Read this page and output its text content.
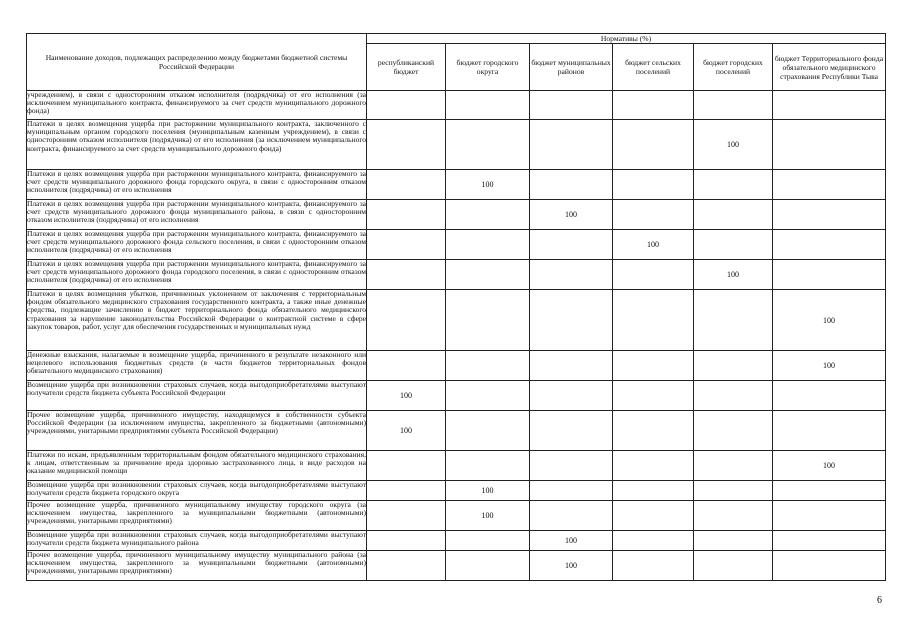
Наименование доходов, подлежащих распределению между бюджетами бюджетной системы Российской Федерации	Нормативы (%)					
	республиканский бюджет	бюджет городского округа	бюджет муниципальных районов	бюджет сельских поселений	бюджет городских поселений	бюджет Территориального фонда обязательного медицинского страхования Республики Тыва
учреждением), в связи с односторонним отказом исполнителя (подрядчика) от его исполнения (за исключением муниципального контракта, финансируемого за счет средств муниципального дорожного фонда)						
Платежи в целях возмещения ущерба при расторжении муниципального контракта, заключенного с муниципальным органом городского поселения (муниципальным казенным учреждением), в связи с односторонним отказом исполнителя (подрядчика) от его исполнения (за исключением муниципального контракта, финансируемого за счет средств муниципального дорожного фонда)					100	
Платежи в целях возмещения ущерба при расторжении муниципального контракта, финансируемого за счет средств муниципального дорожного фонда городского округа, в связи с односторонним отказом исполнителя (подрядчика) от его исполнения		100				
Платежи в целях возмещения ущерба при расторжении муниципального контракта, финансируемого за счет средств муниципального дорожного фонда муниципального района, в связи с односторонним отказом исполнителя (подрядчика) от его исполнения			100			
Платежи в целях возмещения ущерба при расторжении муниципального контракта, финансируемого за счет средств муниципального дорожного фонда сельского поселения, в связи с односторонним отказом исполнителя (подрядчика) от его исполнения				100		
Платежи в целях возмещения ущерба при расторжении муниципального контракта, финансируемого за счет средств муниципального дорожного фонда городского поселения, в связи с односторонним отказом исполнителя (подрядчика) от его исполнения					100	
Платежи в целях возмещения убытков, причиненных уклонением от заключения с территориальным фондом обязательного медицинского страхования государственного контракта, а также иные денежные средства, подлежащие зачислению в бюджет территориального фонда обязательного медицинского страхования за нарушение законодательства Российской Федерации о контрактной системе в сфере закупок товаров, работ, услуг для обеспечения государственных и муниципальных нужд						100
Денежные взыскания, налагаемые в возмещение ущерба, причиненного в результате незаконного или нецелевого использования бюджетных средств (в части бюджетов территориальных фондов обязательного медицинского страхования)						100
Возмещение ущерба при возникновении страховых случаев, когда выгодоприобретателями выступают получатели средств бюджета субъекта Российской Федерации	100					
Прочее возмещение ущерба, причиненного имуществу, находящемуся в собственности субъекта Российской Федерации (за исключением имущества, закрепленного за бюджетными (автономными) учреждениями, унитарными предприятиями субъекта Российской Федерации)	100					
Платежи по искам, предъявленным территориальным фондом обязательного медицинского страхования, к лицам, ответственным за причинение вреда здоровью застрахованного лица, в виде расходов на оказание медицинской помощи						100
Возмещение ущерба при возникновении страховых случаев, когда выгодоприобретателями выступают получатели средств бюджета городского округа		100				
Прочее возмещение ущерба, причиненного муниципальному имуществу городского округа (за исключением имущества, закрепленного за муниципальными бюджетными (автономными) учреждениями, унитарными предприятиями)		100				
Возмещение ущерба при возникновении страховых случаев, когда выгодоприобретателями выступают получатели средств бюджета муниципального района			100			
Прочее возмещение ущерба, причиненного муниципальному имуществу муниципального района (за исключением имущества, закрепленного за муниципальными бюджетными (автономными) учреждениями, унитарными предприятиями)			100			
6
